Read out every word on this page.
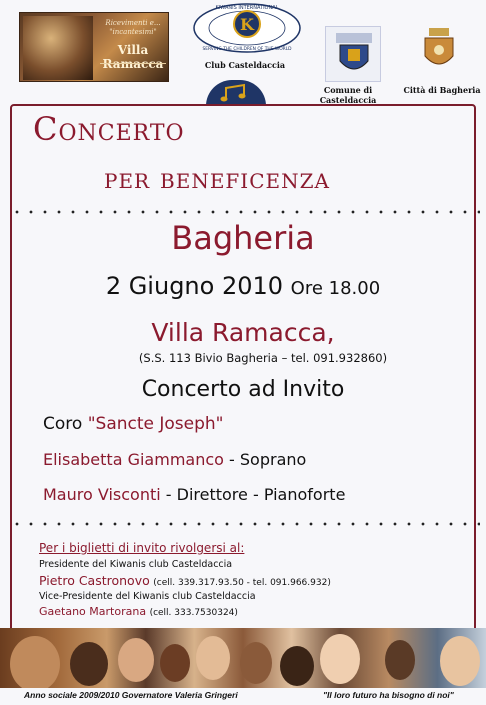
Ricevimenti e... "incantesimi"
Villa Ramacca
K
KIWANIS INTERNATIONAL
SERVING THE CHILDREN OF THE WORLD
Club Casteldaccia
Comune di Casteldaccia
Città di Bagheria
Concerto
per beneficenza
Bagheria
2 Giugno 2010 Ore 18.00
Villa Ramacca,
(S.S. 113 Bivio Bagheria – tel. 091.932860)
Concerto ad Invito
Coro "Sancte Joseph"
Elisabetta Giammanco - Soprano
Mauro Visconti - Direttore - Pianoforte
Per i biglietti di invito rivolgersi al:
Presidente del Kiwanis club Casteldaccia
Pietro Castronovo (cell. 339.317.93.50 - tel. 091.966.932)
Vice-Presidente del Kiwanis club Casteldaccia
Gaetano Martorana (cell. 333.7530324)
Anno sociale 2009/2010 Governatore Valeria Gringeri	"Il loro futuro ha bisogno di noi"
